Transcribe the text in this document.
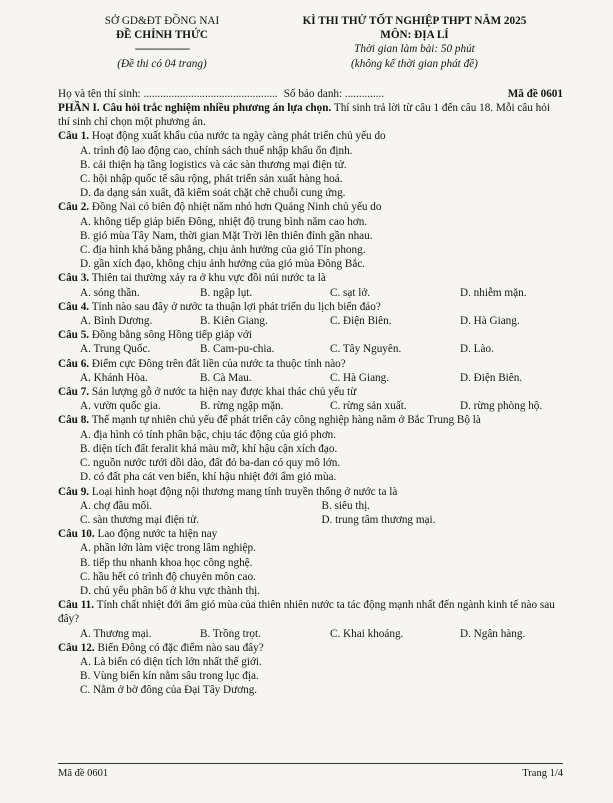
SỞ GD&ĐT ĐỒNG NAI
ĐỀ CHÍNH THỨC
--------------------
(Đề thi có 04 trang)
KÌ THI THỬ TỐT NGHIỆP THPT NĂM 2025
MÔN: ĐỊA LÍ
Thời gian làm bài: 50 phút
(không kể thời gian phát đề)
Họ và tên thí sinh: ................................................ Số báo danh: ..............	Mã đề 0601

PHẦN I. Câu hỏi trắc nghiệm nhiều phương án lựa chọn. Thí sinh trả lời từ câu 1 đến câu 18. Mỗi câu hỏi thí sinh chỉ chọn một phương án.

Câu 1. Hoạt động xuất khẩu của nước ta ngày càng phát triển chủ yếu do

A. trình độ lao động cao, chính sách thuế nhập khẩu ổn định.

B. cải thiện hạ tầng logistics và các sàn thương mại điện tử.

C. hội nhập quốc tế sâu rộng, phát triển sản xuất hàng hoá.

D. đa dạng sản xuất, đã kiểm soát chặt chẽ chuỗi cung ứng.

Câu 2. Đồng Nai có biên độ nhiệt năm nhỏ hơn Quảng Ninh chủ yếu do

A. không tiếp giáp biển Đông, nhiệt độ trung bình năm cao hơn.

B. gió mùa Tây Nam, thời gian Mặt Trời lên thiên đỉnh gần nhau.

C. địa hình khá bằng phẳng, chịu ảnh hưởng của gió Tín phong.

D. gần xích đạo, không chịu ảnh hưởng của gió mùa Đông Bắc.

Câu 3. Thiên tai thường xảy ra ở khu vực đồi núi nước ta là

A. sóng thần.	B. ngập lụt.	C. sạt lở.	D. nhiễm mặn.

Câu 4. Tỉnh nào sau đây ở nước ta thuận lợi phát triển du lịch biển đảo?

A. Bình Dương.	B. Kiên Giang.	C. Điện Biên.	D. Hà Giang.

Câu 5. Đồng bằng sông Hồng tiếp giáp với

A. Trung Quốc.	B. Cam-pu-chia.	C. Tây Nguyên.	D. Lào.

Câu 6. Điểm cực Đông trên đất liền của nước ta thuộc tỉnh nào?

A. Khánh Hòa.	B. Cà Mau.	C. Hà Giang.	D. Điện Biên.

Câu 7. Sản lượng gỗ ở nước ta hiện nay được khai thác chủ yếu từ

A. vườn quốc gia.	B. rừng ngập mặn.	C. rừng sản xuất.	D. rừng phòng hộ.

Câu 8. Thế mạnh tự nhiên chủ yếu để phát triển cây công nghiệp hàng năm ở Bắc Trung Bộ là

A. địa hình có tính phân bậc, chịu tác động của gió phơn.

B. diện tích đất feralit khá màu mỡ, khí hậu cận xích đạo.

C. nguồn nước tưới dồi dào, đất đỏ ba-dan có quy mô lớn.

D. có đất pha cát ven biển, khí hậu nhiệt đới ẩm gió mùa.

Câu 9. Loại hình hoạt động nội thương mang tính truyền thống ở nước ta là

A. chợ đầu mối.	B. siêu thị.
C. sàn thương mại điện tử.	D. trung tâm thương mại.

Câu 10. Lao động nước ta hiện nay

A. phần lớn làm việc trong lâm nghiệp.

B. tiếp thu nhanh khoa học công nghệ.

C. hầu hết có trình độ chuyên môn cao.

D. chủ yếu phân bố ở khu vực thành thị.

Câu 11. Tính chất nhiệt đới ẩm gió mùa của thiên nhiên nước ta tác động mạnh nhất đến ngành kinh tế nào sau đây?

A. Thương mại.	B. Trồng trọt.	C. Khai khoáng.	D. Ngân hàng.

Câu 12. Biển Đông có đặc điểm nào sau đây?

A. Là biển có diện tích lớn nhất thế giới.

B. Vùng biển kín nằm sâu trong lục địa.

C. Nằm ở bờ đông của Đại Tây Dương.

Mã đề 0601	Trang 1/4
